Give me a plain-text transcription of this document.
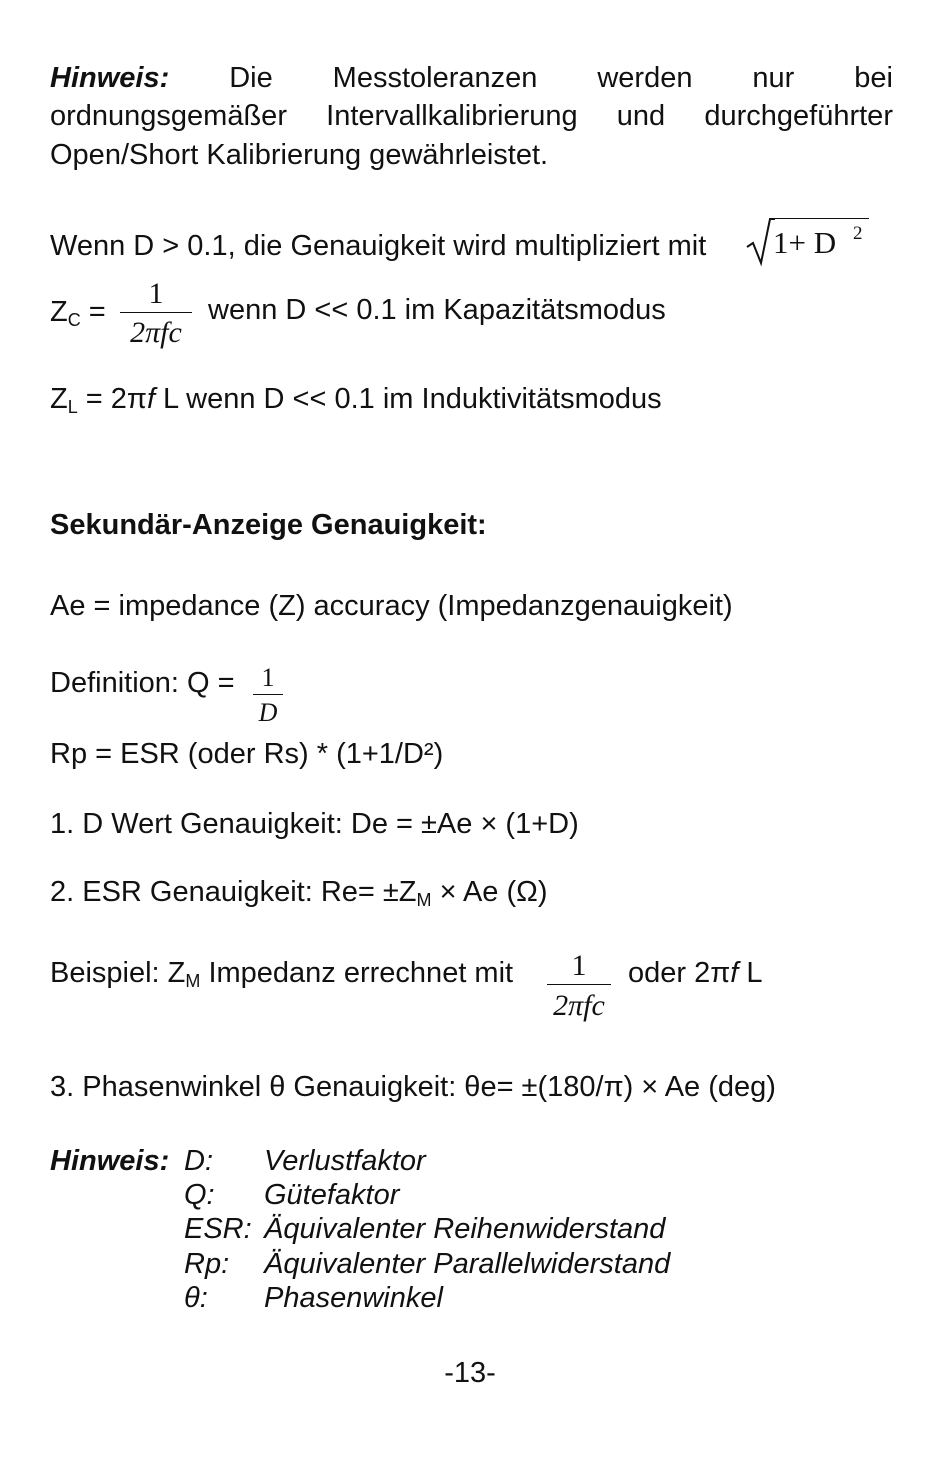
Hinweis: Die Messtoleranzen werden nur bei
ordnungsgemäßer Intervallkalibrierung und durchgeführter
Open/Short Kalibrierung gewährleistet.
Wenn D > 0.1, die Genauigkeit wird multipliziert mit 1+ D 2
$Z_C$ =
1
2πfc
wenn D << 0.1 im Kapazitätsmodus
$Z_L = 2\pi f$ L wenn D << 0.1 im Induktivitätsmodus
Sekundär-Anzeige Genauigkeit:
Ae = impedance (Z) accuracy (Impedanzgenauigkeit)
Definition: Q =	1
D
Rp = ESR (oder Rs) * (1+1/D²)
1. D Wert Genauigkeit: De = ±Ae × (1+D)
2. ESR Genauigkeit: $Re= \pm Z_M \times Ae$ (Ω)
Beispiel: $Z_M$ Impedanz errechnet mit	1
2πfc
oder 2πf L
3. Phasenwinkel θ Genauigkeit: θe= ±(180/π) × Ae (deg)
Hinweis: D: Verlustfaktor
Q: Gütefaktor
ESR: Äquivalenter Reihenwiderstand
Rp: Äquivalenter Parallelwiderstand
θ: Phasenwinkel
-13-
